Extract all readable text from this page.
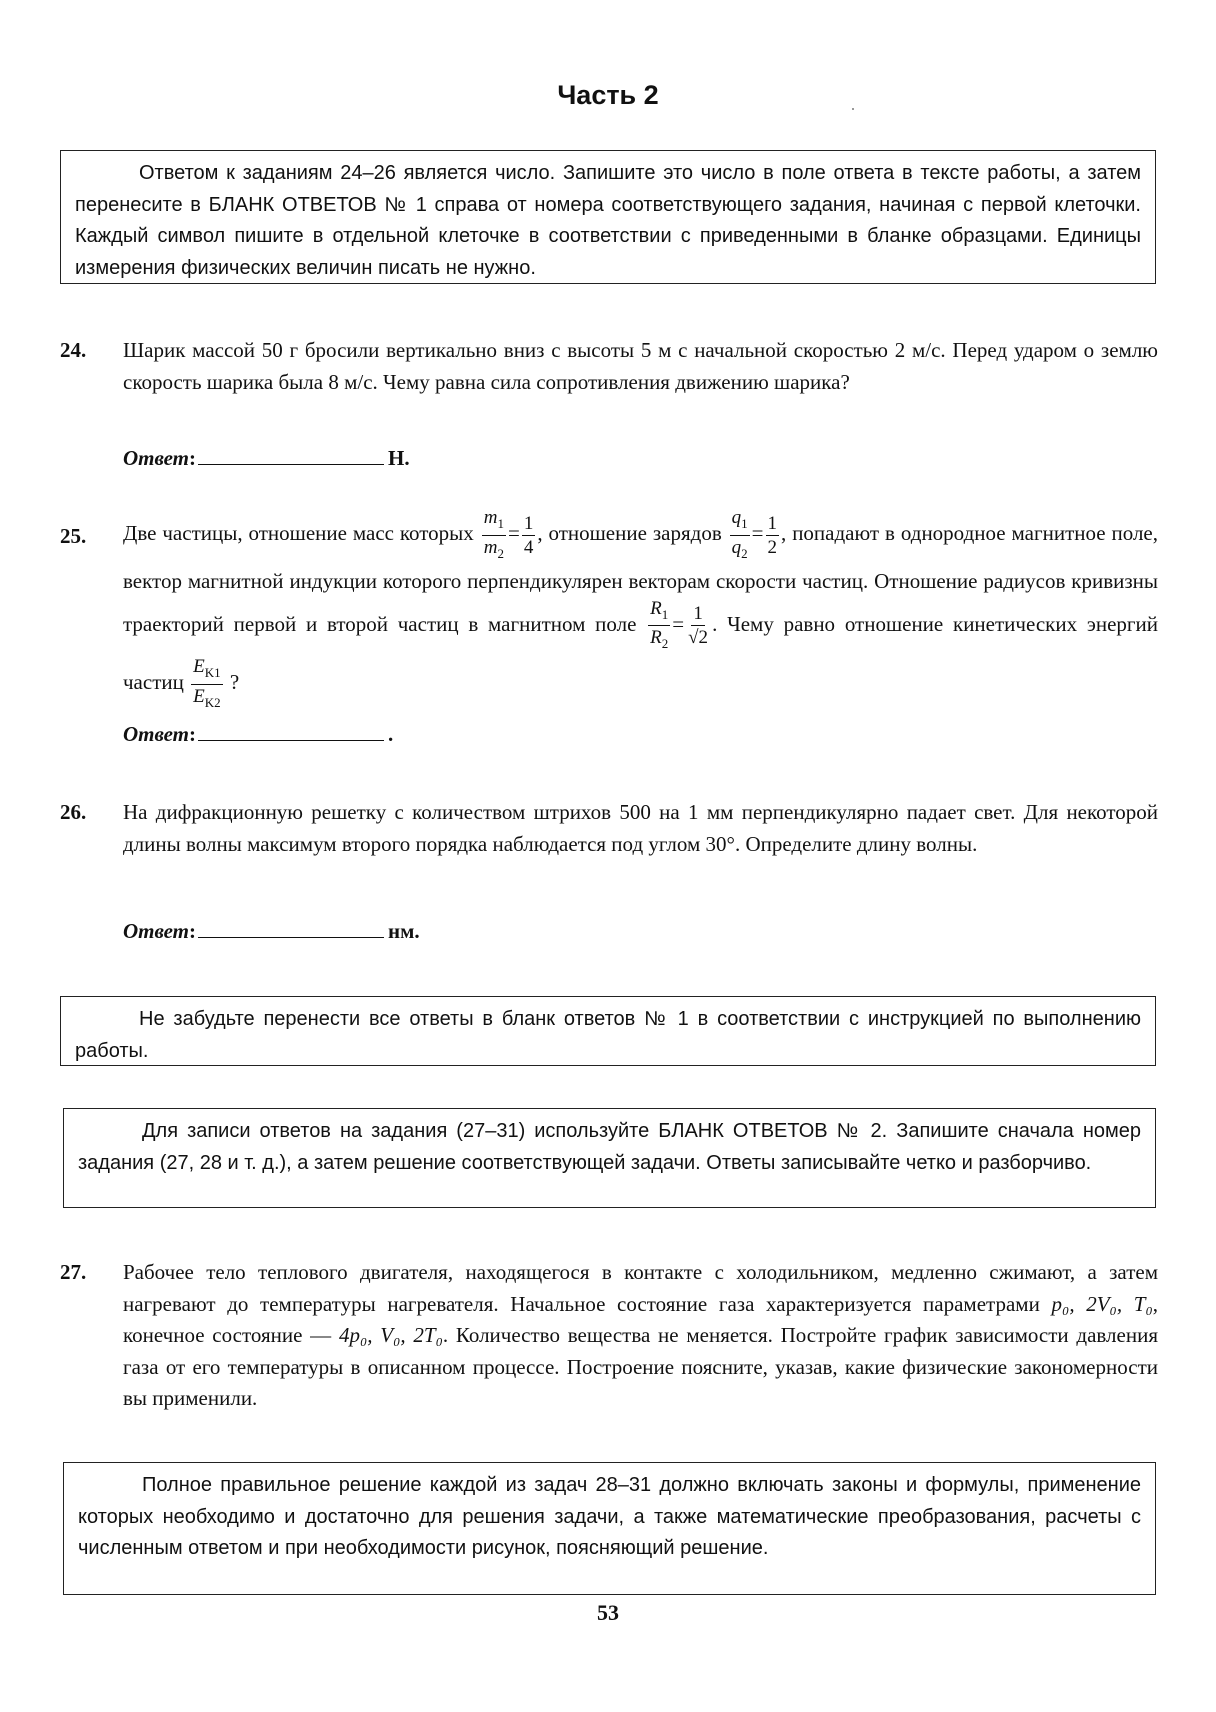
Часть 2

Ответом к заданиям 24–26 является число. Запишите это число в поле ответа в тексте работы, а затем перенесите в БЛАНК ОТВЕТОВ № 1 справа от номера соответствующего задания, начиная с первой клеточки. Каждый символ пишите в отдельной клеточке в соответствии с приведенными в бланке образцами. Единицы измерения физических величин писать не нужно.

24. Шарик массой 50 г бросили вертикально вниз с высоты 5 м с начальной скоростью 2 м/с. Перед ударом о землю скорость шарика была 8 м/с. Чему равна сила сопротивления движению шарика?

Ответ :	Н.
25. Две частицы, отношение масс которых $\frac{m_1}{m_2} = \frac{1}{4}$ , отношение зарядов $\frac{q_1}{q_2} = \frac{1}{2}$ , попадают в однородное магнитное поле, вектор магнитной индукции которого перпендикулярен векторам скорости частиц. Отношение радиусов кривизны траекторий первой и второй частиц в магнитном поле $\frac{R_1}{R_2} = \frac{1}{√2}$ . Чему равно отношение кинетических энергий частиц $\frac{E_{K1}}{E_{K2}}$ ?

Ответ :	.
26. На дифракционную решетку с количеством штрихов 500 на 1 мм перпендикулярно падает свет. Для некоторой длины волны максимум второго порядка наблюдается под углом 30°. Определите длину волны.

Ответ :	нм.

Не забудьте перенести все ответы в бланк ответов № 1 в соответствии с инструкцией по выполнению работы.

Для записи ответов на задания (27–31) используйте БЛАНК ОТВЕТОВ № 2. Запишите сначала номер задания (27, 28 и т. д.), а затем решение соответствующей задачи. Ответы записывайте четко и разборчиво.

27. Рабочее тело теплового двигателя, находящегося в контакте с холодильником, медленно сжимают, а затем нагревают до температуры нагревателя. Начальное состояние газа характеризуется параметрами p₀, 2V₀, T₀, конечное состояние — 4p₀, V₀, 2T₀. Количество вещества не меняется. Постройте график зависимости давления газа от его температуры в описанном процессе. Построение поясните, указав, какие физические закономерности вы применили.

Полное правильное решение каждой из задач 28–31 должно включать законы и формулы, применение которых необходимо и достаточно для решения задачи, а также математические преобразования, расчеты с численным ответом и при необходимости рисунок, поясняющий решение.

53
